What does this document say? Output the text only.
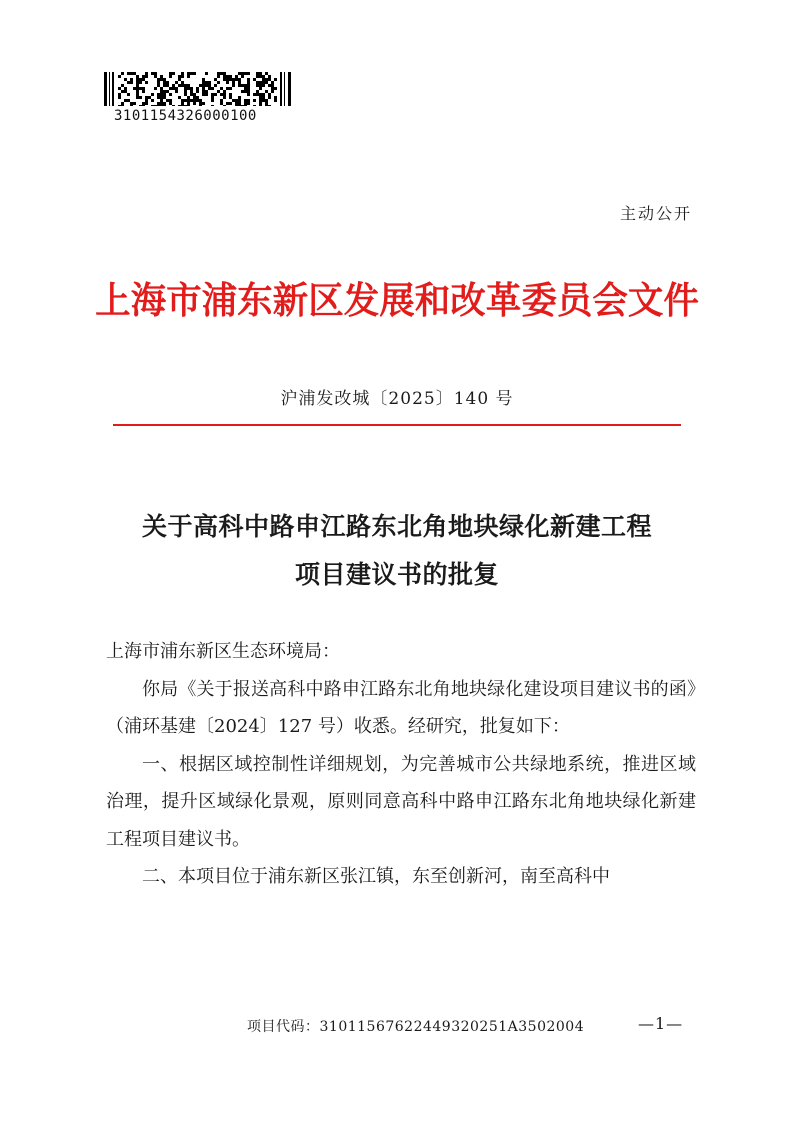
3101154326000100
主动公开
上海市浦东新区发展和改革委员会文件
沪浦发改城〔2025〕140 号
关于高科中路申江路东北角地块绿化新建工程
项目建议书的批复

上海市浦东新区生态环境局：

你局《关于报送高科中路申江路东北角地块绿化建设项目建议书的函》（浦环基建〔2024〕127 号）收悉。经研究，批复如下：

一、根据区域控制性详细规划，为完善城市公共绿地系统，推进区域治理，提升区域绿化景观，原则同意高科中路申江路东北角地块绿化新建工程项目建议书。

二、本项目位于浦东新区张江镇，东至创新河，南至高科中

项目代码：31011567622449320251A3502004	—1—
